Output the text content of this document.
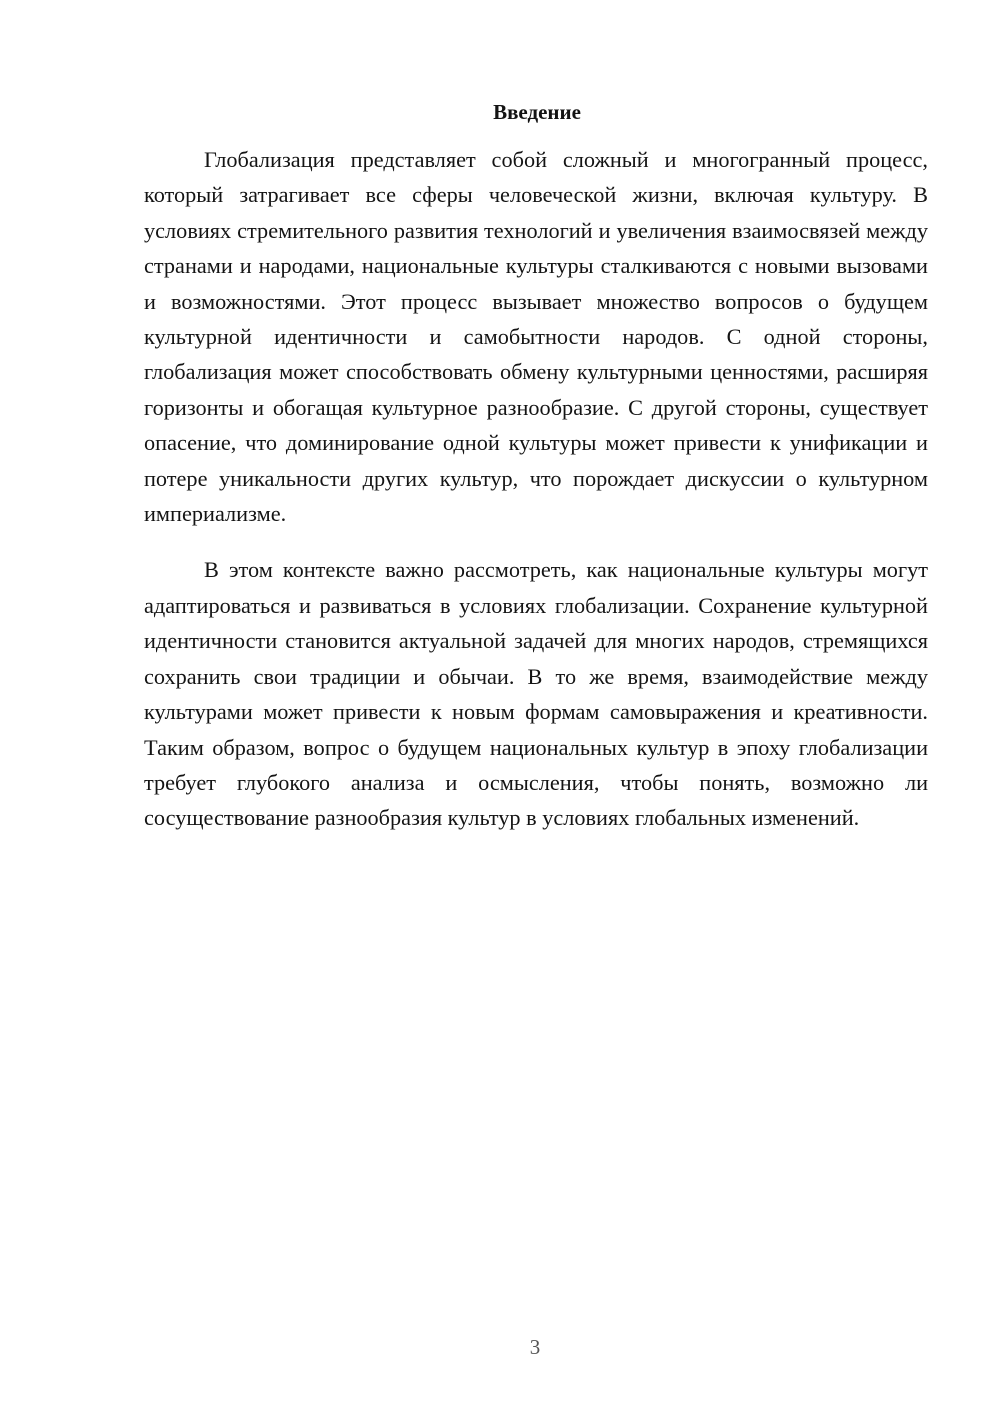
Введение

Глобализация представляет собой сложный и многогранный процесс, который затрагивает все сферы человеческой жизни, включая культуру. В условиях стремительного развития технологий и увеличения взаимосвязей между странами и народами, национальные культуры сталкиваются с новыми вызовами и возможностями. Этот процесс вызывает множество вопросов о будущем культурной идентичности и самобытности народов. С одной стороны, глобализация может способствовать обмену культурными ценностями, расширяя горизонты и обогащая культурное разнообразие. С другой стороны, существует опасение, что доминирование одной культуры может привести к унификации и потере уникальности других культур, что порождает дискуссии о культурном империализме.

В этом контексте важно рассмотреть, как национальные культуры могут адаптироваться и развиваться в условиях глобализации. Сохранение культурной идентичности становится актуальной задачей для многих народов, стремящихся сохранить свои традиции и обычаи. В то же время, взаимодействие между культурами может привести к новым формам самовыражения и креативности. Таким образом, вопрос о будущем национальных культур в эпоху глобализации требует глубокого анализа и осмысления, чтобы понять, возможно ли сосуществование разнообразия культур в условиях глобальных изменений.

3
